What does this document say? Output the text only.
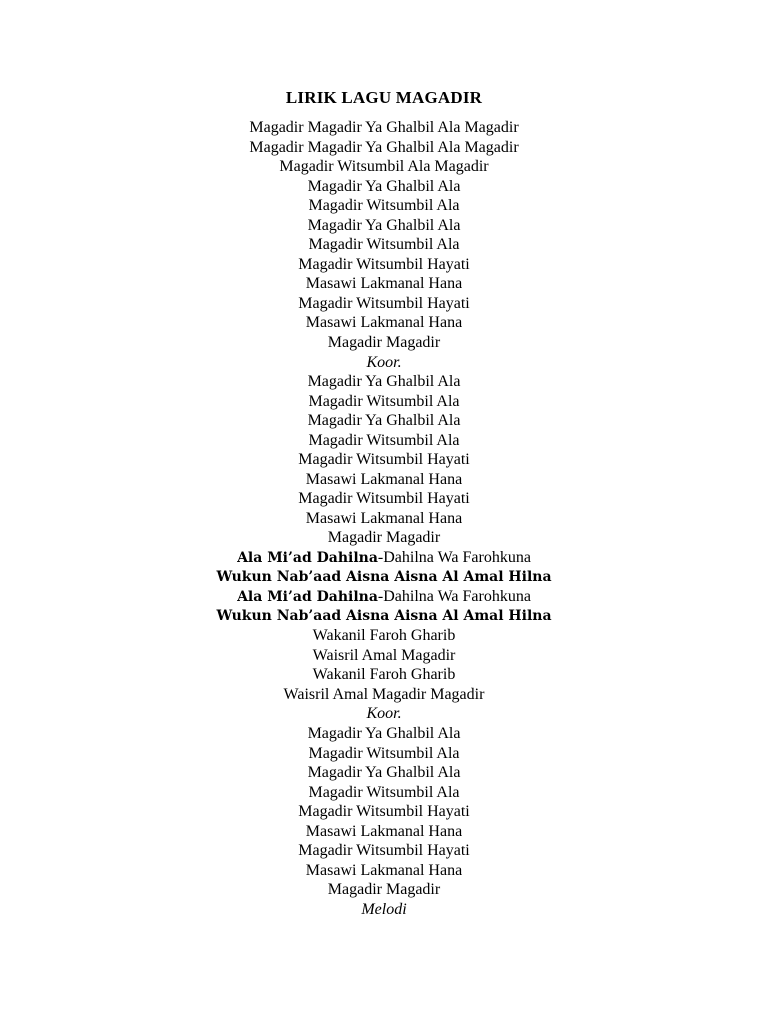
LIRIK LAGU MAGADIR
Magadir Magadir Ya Ghalbil Ala Magadir
Magadir Magadir Ya Ghalbil Ala Magadir
Magadir Witsumbil Ala Magadir
Magadir Ya Ghalbil Ala
Magadir Witsumbil Ala
Magadir Ya Ghalbil Ala
Magadir Witsumbil Ala
Magadir Witsumbil Hayati
Masawi Lakmanal Hana
Magadir Witsumbil Hayati
Masawi Lakmanal Hana
Magadir Magadir
Koor.
Magadir Ya Ghalbil Ala
Magadir Witsumbil Ala
Magadir Ya Ghalbil Ala
Magadir Witsumbil Ala
Magadir Witsumbil Hayati
Masawi Lakmanal Hana
Magadir Witsumbil Hayati
Masawi Lakmanal Hana
Magadir Magadir
Ala Mi’ad Dahilna-Dahilna Wa Farohkuna
Wukun Nab’aad Aisna Aisna Al Amal Hilna
Ala Mi’ad Dahilna-Dahilna Wa Farohkuna
Wukun Nab’aad Aisna Aisna Al Amal Hilna
Wakanil Faroh Gharib
Waisril Amal Magadir
Wakanil Faroh Gharib
Waisril Amal Magadir Magadir
Koor.
Magadir Ya Ghalbil Ala
Magadir Witsumbil Ala
Magadir Ya Ghalbil Ala
Magadir Witsumbil Ala
Magadir Witsumbil Hayati
Masawi Lakmanal Hana
Magadir Witsumbil Hayati
Masawi Lakmanal Hana
Magadir Magadir
Melodi
